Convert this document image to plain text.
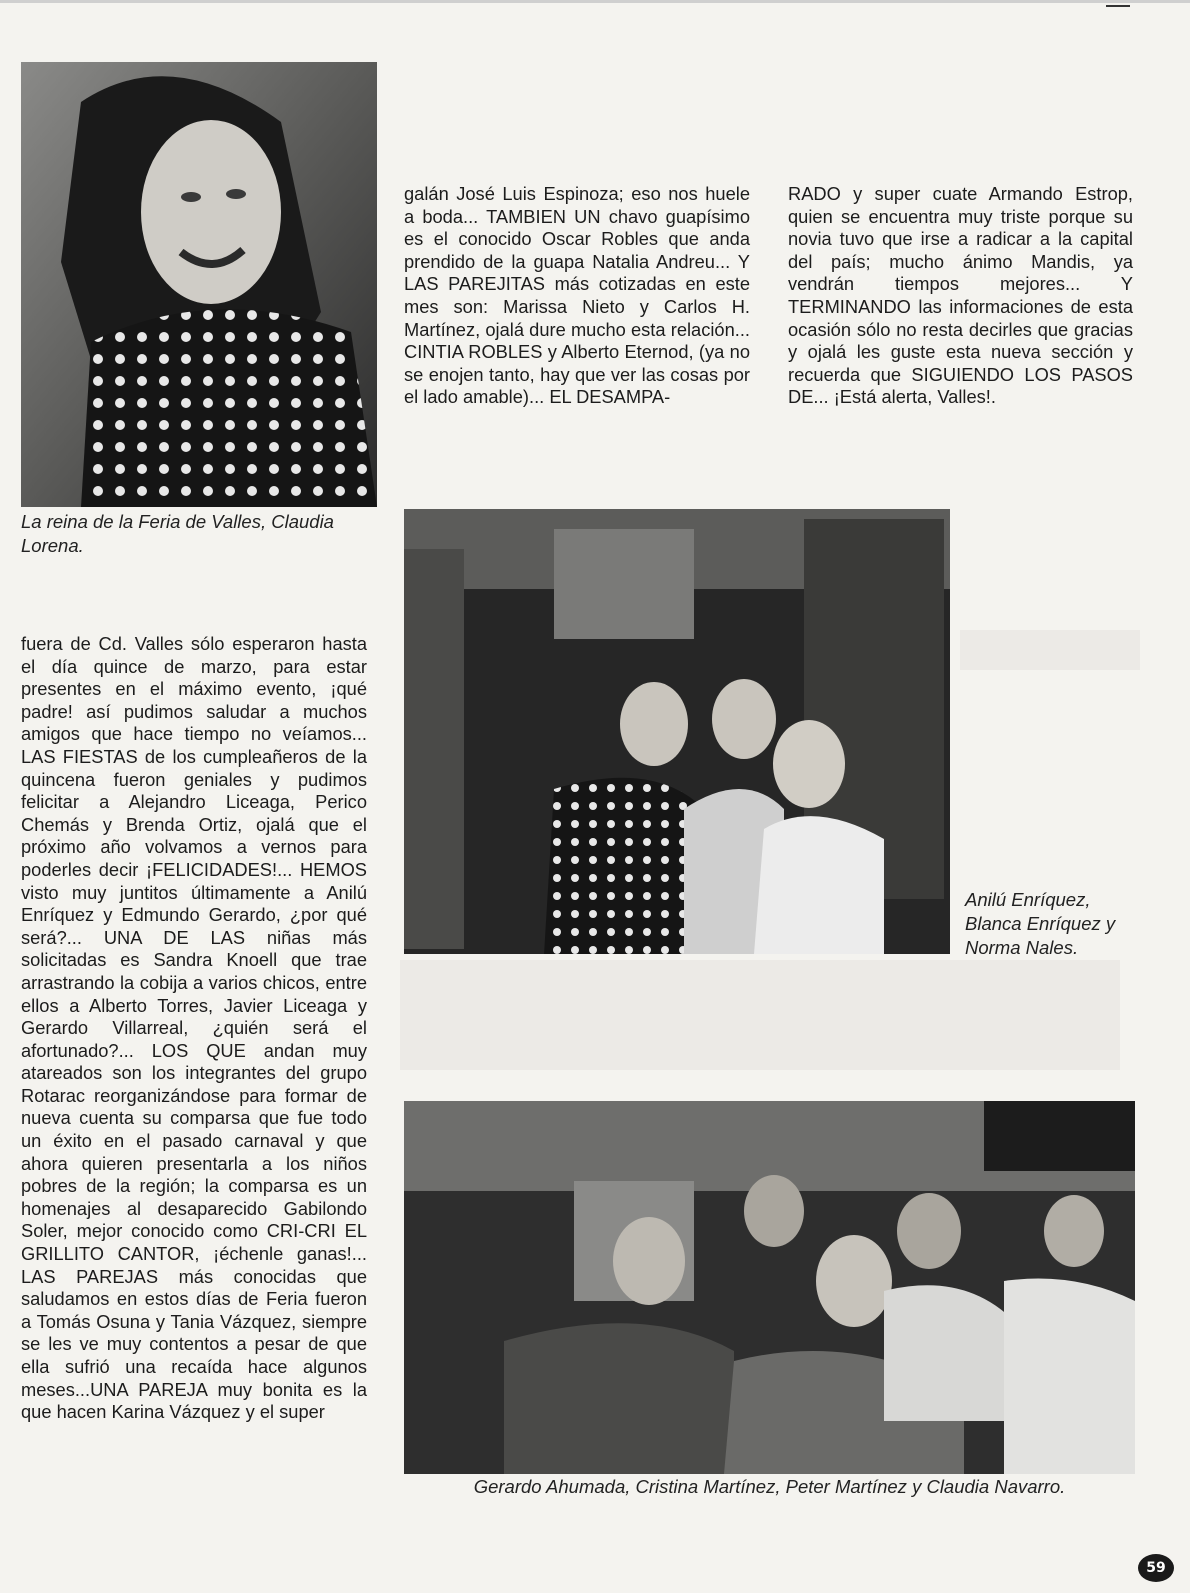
La reina de la Feria de Valles, Claudia Lorena.

galán José Luis Espinoza; eso nos huele a boda... TAMBIEN UN chavo guapísimo es el conocido Oscar Robles que anda prendido de la guapa Natalia Andreu... Y LAS PAREJITAS más cotizadas en este mes son: Marissa Nieto y Carlos H. Martínez, ojalá dure mucho esta relación... CINTIA ROBLES y Alberto Eternod, (ya no se enojen tanto, hay que ver las cosas por el lado amable)... EL DESAMPA-

RADO y super cuate Armando Estrop, quien se encuentra muy triste porque su novia tuvo que irse a radicar a la capital del país; mucho ánimo Mandis, ya vendrán tiempos mejores... Y TERMINANDO las informaciones de esta ocasión sólo no resta decirles que gracias y ojalá les guste esta nueva sección y recuerda que SIGUIENDO LOS PASOS DE... ¡Está alerta, Valles!.

Anilú Enríquez, Blanca Enríquez y Norma Nales.

fuera de Cd. Valles sólo esperaron hasta el día quince de marzo, para estar presentes en el máximo evento, ¡qué padre! así pudimos saludar a muchos amigos que hace tiempo no veíamos... LAS FIESTAS de los cumpleañeros de la quincena fueron geniales y pudimos felicitar a Alejandro Liceaga, Perico Chemás y Brenda Ortiz, ojalá que el próximo año volvamos a vernos para poderles decir ¡FELICIDADES!... HEMOS visto muy juntitos últimamente a Anilú Enríquez y Edmundo Gerardo, ¿por qué será?... UNA DE LAS niñas más solicitadas es Sandra Knoell que trae arrastrando la cobija a varios chicos, entre ellos a Alberto Torres, Javier Liceaga y Gerardo Villarreal, ¿quién será el afortunado?... LOS QUE andan muy atareados son los integrantes del grupo Rotarac reorganizándose para formar de nueva cuenta su comparsa que fue todo un éxito en el pasado carnaval y que ahora quieren presentarla a los niños pobres de la región; la comparsa es un homenajes al desaparecido Gabilondo Soler, mejor conocido como CRI-CRI EL GRILLITO CANTOR, ¡échenle ganas!... LAS PAREJAS más conocidas que saludamos en estos días de Feria fueron a Tomás Osuna y Tania Vázquez, siempre se les ve muy contentos a pesar de que ella sufrió una recaída hace algunos meses...UNA PAREJA muy bonita es la que hacen Karina Vázquez y el super

Gerardo Ahumada, Cristina Martínez, Peter Martínez y Claudia Navarro.

59
